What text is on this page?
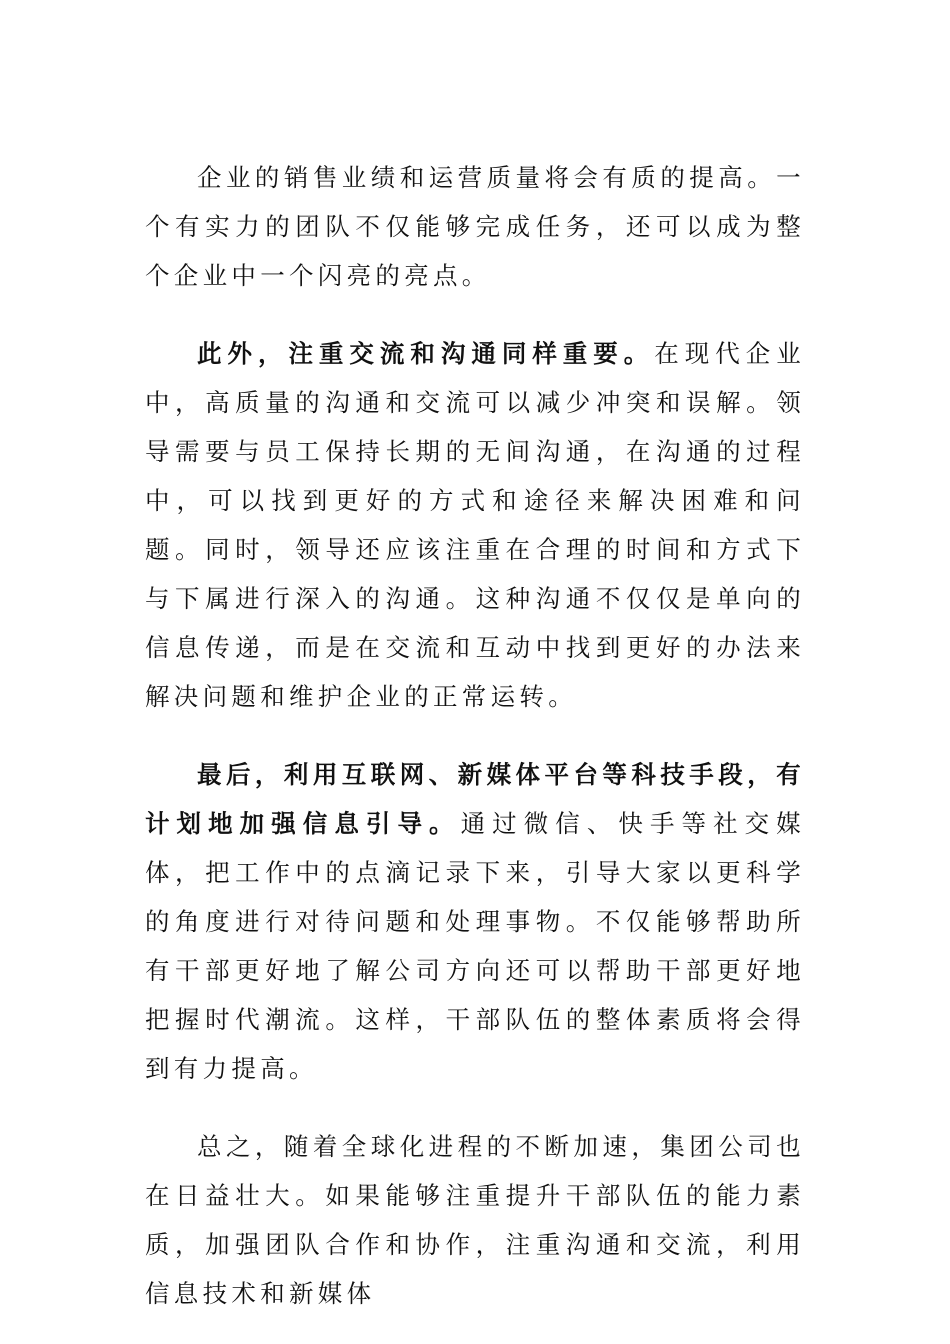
企业的销售业绩和运营质量将会有质的提高。一个有实力的团队不仅能够完成任务，还可以成为整个企业中一个闪亮的亮点。

此外，注重交流和沟通同样重要。在现代企业中，高质量的沟通和交流可以减少冲突和误解。领导需要与员工保持长期的无间沟通，在沟通的过程中，可以找到更好的方式和途径来解决困难和问题。同时，领导还应该注重在合理的时间和方式下与下属进行深入的沟通。这种沟通不仅仅是单向的信息传递，而是在交流和互动中找到更好的办法来解决问题和维护企业的正常运转。

最后，利用互联网、新媒体平台等科技手段，有计划地加强信息引导。通过微信、快手等社交媒体，把工作中的点滴记录下来，引导大家以更科学的角度进行对待问题和处理事物。不仅能够帮助所有干部更好地了解公司方向还可以帮助干部更好地把握时代潮流。这样，干部队伍的整体素质将会得到有力提高。

总之，随着全球化进程的不断加速，集团公司也在日益壮大。如果能够注重提升干部队伍的能力素质，加强团队合作和协作，注重沟通和交流，利用信息技术和新媒体
